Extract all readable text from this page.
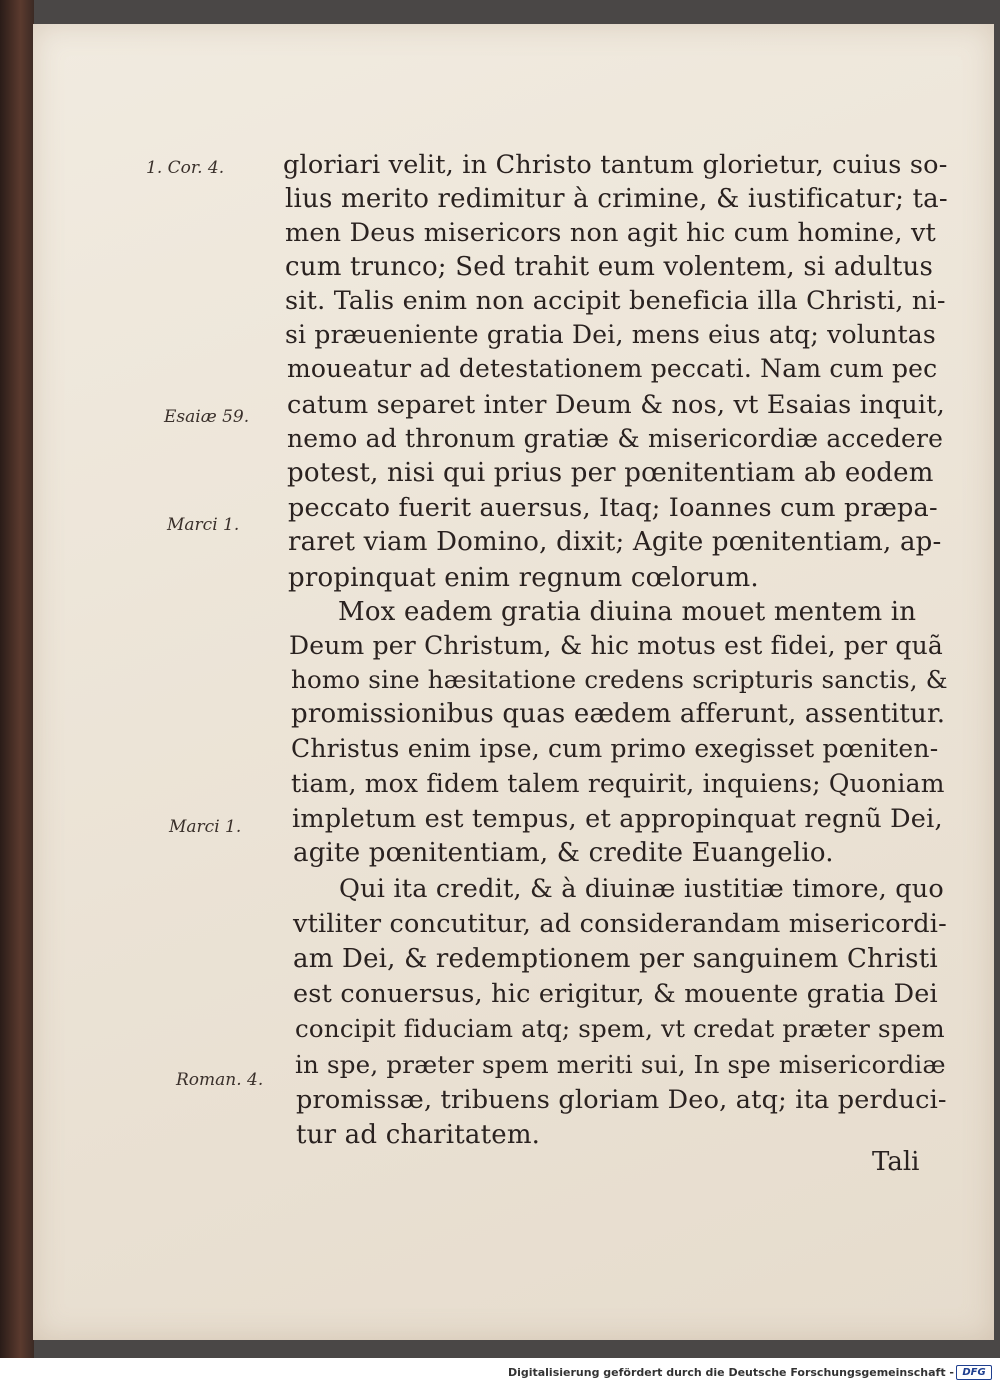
1. Cor. 4.
Esaiæ 59.
Marci 1.
Marci 1.
Roman. 4.
gloriari velit, in Christo tantum glorietur, cuius so-
lius merito redimitur à crimine, & iustificatur; ta-
men Deus misericors non agit hic cum homine, vt
cum trunco; Sed trahit eum volentem, si adultus
sit. Talis enim non accipit beneficia illa Christi, ni-
si præueniente gratia Dei, mens eius atq; voluntas
moueatur ad detestationem peccati. Nam cum pec
catum separet inter Deum & nos, vt Esaias inquit,
nemo ad thronum gratiæ & misericordiæ accedere
potest, nisi qui prius per pœnitentiam ab eodem
peccato fuerit auersus, Itaq; Ioannes cum præpa-
raret viam Domino, dixit; Agite pœnitentiam, ap-
propinquat enim regnum cœlorum.
Mox eadem gratia diuina mouet mentem in
Deum per Christum, & hic motus est fidei, per quã
homo sine hæsitatione credens scripturis sanctis, &
promissionibus quas eædem afferunt, assentitur.
Christus enim ipse, cum primo exegisset pœniten-
tiam, mox fidem talem requirit, inquiens; Quoniam
impletum est tempus, et appropinquat regnũ Dei,
agite pœnitentiam, & credite Euangelio.
Qui ita credit, & à diuinæ iustitiæ timore, quo
vtiliter concutitur, ad considerandam misericordi-
am Dei, & redemptionem per sanguinem Christi
est conuersus, hic erigitur, & mouente gratia Dei
concipit fiduciam atq; spem, vt credat præter spem
in spe, præter spem meriti sui, In spe misericordiæ
promissæ, tribuens gloriam Deo, atq; ita perduci-
tur ad charitatem.
Tali
Digitalisierung gefördert durch die Deutsche Forschungsgemeinschaft - DFG
